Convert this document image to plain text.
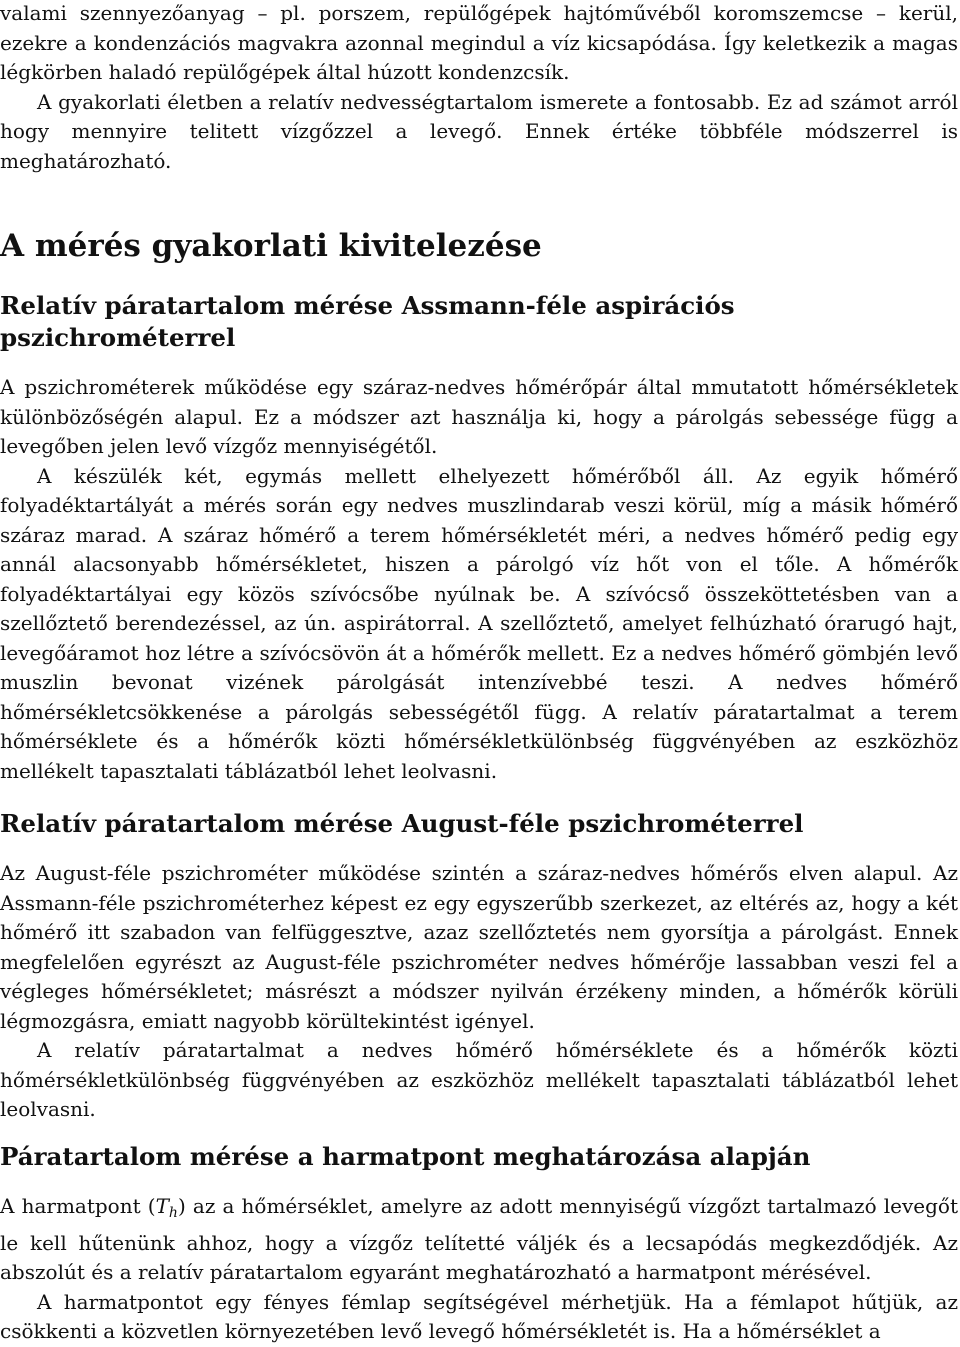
valami szennyezőanyag – pl. porszem, repülőgépek hajtóművéből koromszemcse – kerül, ezekre a kondenzációs magvakra azonnal megindul a víz kicsapódása. Így keletkezik a magas légkörben haladó repülőgépek által húzott kondenzcsík.

A gyakorlati életben a relatív nedvességtartalom ismerete a fontosabb. Ez ad számot arról hogy mennyire telitett vízgőzzel a levegő. Ennek értéke többféle módszerrel is meghatározható.

A mérés gyakorlati kivitelezése
Relatív páratartalom mérése Assmann-féle aspirációs pszichrométerrel

A pszichrométerek működése egy száraz-nedves hőmérőpár által mmutatott hőmérsékletek különbözőségén alapul. Ez a módszer azt használja ki, hogy a párolgás sebessége függ a levegőben jelen levő vízgőz mennyiségétől.

A készülék két, egymás mellett elhelyezett hőmérőből áll. Az egyik hőmérő folyadéktartályát a mérés során egy nedves muszlindarab veszi körül, míg a másik hőmérő száraz marad. A száraz hőmérő a terem hőmérsékletét méri, a nedves hőmérő pedig egy annál alacsonyabb hőmérsékletet, hiszen a párolgó víz hőt von el tőle. A hőmérők folyadéktartályai egy közös szívócsőbe nyúlnak be. A szívócső összeköttetésben van a szellőztető berendezéssel, az ún. aspirátorral. A szellőztető, amelyet felhúzható órarugó hajt, levegőáramot hoz létre a szívócsövön át a hőmérők mellett. Ez a nedves hőmérő gömbjén levő muszlin bevonat vizének párolgását intenzívebbé teszi. A nedves hőmérő hőmérsékletcsökkenése a párolgás sebességétől függ. A relatív páratartalmat a terem hőmérséklete és a hőmérők közti hőmérsékletkülönbség függvényében az eszközhöz mellékelt tapasztalati táblázatból lehet leolvasni.

Relatív páratartalom mérése August-féle pszichrométerrel

Az August-féle pszichrométer működése szintén a száraz-nedves hőmérős elven alapul. Az Assmann-féle pszichrométerhez képest ez egy egyszerűbb szerkezet, az eltérés az, hogy a két hőmérő itt szabadon van felfüggesztve, azaz szellőztetés nem gyorsítja a párolgást. Ennek megfelelően egyrészt az August-féle pszichrométer nedves hőmérője lassabban veszi fel a végleges hőmérsékletet; másrészt a módszer nyilván érzékeny minden, a hőmérők körüli légmozgásra, emiatt nagyobb körültekintést igényel.

A relatív páratartalmat a nedves hőmérő hőmérséklete és a hőmérők közti hőmérsékletkülönbség függvényében az eszközhöz mellékelt tapasztalati táblázatból lehet leolvasni.

Páratartalom mérése a harmatpont meghatározása alapján

A harmatpont $(T_h)$ az a hőmérséklet, amelyre az adott mennyiségű vízgőzt tartalmazó levegőt le kell hűtenünk ahhoz, hogy a vízgőz telítetté váljék és a lecsapódás megkezdődjék. Az abszolút és a relatív páratartalom egyaránt meghatározható a harmatpont mérésével.

A harmatpontot egy fényes fémlap segítségével mérhetjük. Ha a fémlapot hűtjük, az csökkenti a közvetlen környezetében levő levegő hőmérsékletét is. Ha a hőmérséklet a
